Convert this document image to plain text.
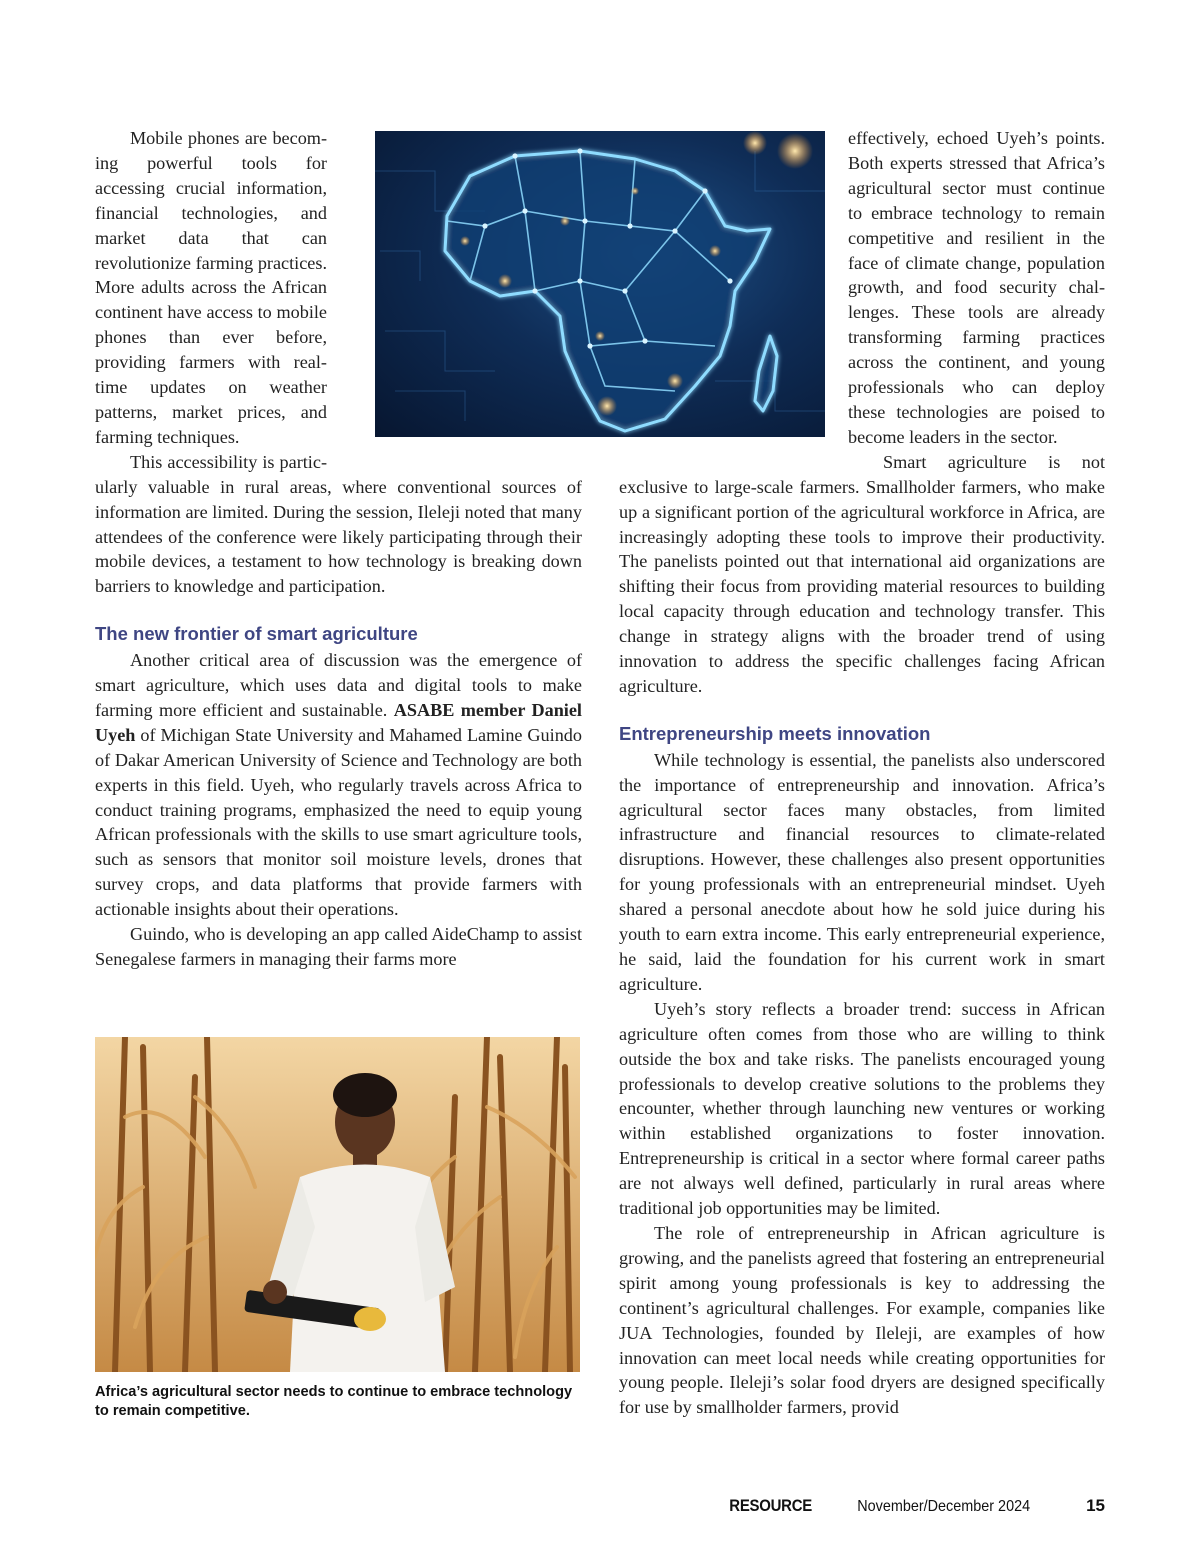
Mobile phones are becoming powerful tools for accessing crucial information, financial technologies, and market data that can revolutionize farming practices. More adults across the African continent have access to mobile phones than ever before, providing farmers with real-time updates on weather patterns, market prices, and farming techniques.

This accessibility is particularly valuable in rural areas, where conventional sources of information are limited. During the session, Ileleji noted that many attendees of the conference were likely participating through their mobile devices, a testament to how technology is breaking down barriers to knowledge and participation.

The new frontier of smart agriculture

Another critical area of discussion was the emergence of smart agriculture, which uses data and digital tools to make farming more efficient and sustainable. ASABE member Daniel Uyeh of Michigan State University and Mahamed Lamine Guindo of Dakar American University of Science and Technology are both experts in this field. Uyeh, who regularly travels across Africa to conduct training programs, emphasized the need to equip young African professionals with the skills to use smart agriculture tools, such as sensors that monitor soil moisture levels, drones that survey crops, and data platforms that provide farmers with actionable insights about their operations.

Guindo, who is developing an app called AideChamp to assist Senegalese farmers in managing their farms more

effectively, echoed Uyeh’s points. Both experts stressed that Africa’s agricultural sector must continue to embrace technology to remain competitive and resilient in the face of climate change, population growth, and food security challenges. These tools are already transforming farming practices across the continent, and young professionals who can deploy these technologies are poised to become leaders in the sector.

Smart agriculture is not exclusive to large-scale farmers. Smallholder farmers, who make up a significant portion of the agricultural workforce in Africa, are increasingly adopting these tools to improve their productivity. The panelists pointed out that international aid organizations are shifting their focus from providing material resources to building local capacity through education and technology transfer. This change in strategy aligns with the broader trend of using innovation to address the specific challenges facing African agriculture.

Entrepreneurship meets innovation

While technology is essential, the panelists also underscored the importance of entrepreneurship and innovation. Africa’s agricultural sector faces many obstacles, from limited infrastructure and financial resources to climate-related disruptions. However, these challenges also present opportunities for young professionals with an entrepreneurial mindset. Uyeh shared a personal anecdote about how he sold juice during his youth to earn extra income. This early entrepreneurial experience, he said, laid the foundation for his current work in smart agriculture.

Uyeh’s story reflects a broader trend: success in African agriculture often comes from those who are willing to think outside the box and take risks. The panelists encouraged young professionals to develop creative solutions to the problems they encounter, whether through launching new ventures or working within established organizations to foster innovation. Entrepreneurship is critical in a sector where formal career paths are not always well defined, particularly in rural areas where traditional job opportunities may be limited.

The role of entrepreneurship in African agriculture is growing, and the panelists agreed that fostering an entrepreneurial spirit among young professionals is key to addressing the continent’s agricultural challenges. For example, companies like JUA Technologies, founded by Ileleji, are examples of how innovation can meet local needs while creating opportunities for young people. Ileleji’s solar food dryers are designed specifically for use by smallholder farmers, provid

Africa’s agricultural sector needs to continue to embrace technology to remain competitive.
RESOURCE	November/December 2024	15
